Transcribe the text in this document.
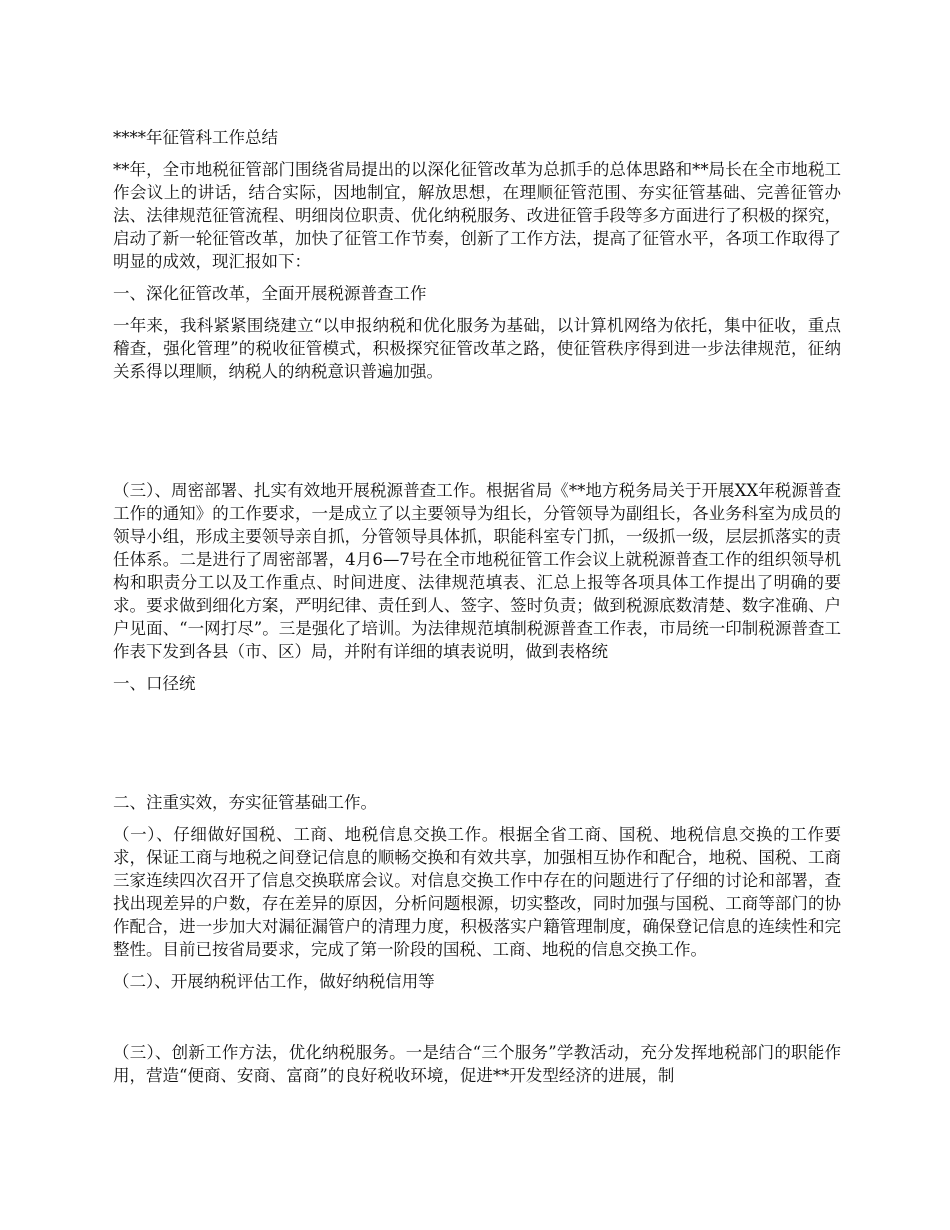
****年征管科工作总结

**年，全市地税征管部门围绕省局提出的以深化征管改革为总抓手的总体思路和**局长在全市地税工作会议上的讲话，结合实际，因地制宜，解放思想，在理顺征管范围、夯实征管基础、完善征管办法、法律规范征管流程、明细岗位职责、优化纳税服务、改进征管手段等多方面进行了积极的探究，启动了新一轮征管改革，加快了征管工作节奏，创新了工作方法，提高了征管水平，各项工作取得了明显的成效，现汇报如下：

一、深化征管改革，全面开展税源普查工作

一年来，我科紧紧围绕建立“以申报纳税和优化服务为基础，以计算机网络为依托，集中征收，重点稽查，强化管理”的税收征管模式，积极探究征管改革之路，使征管秩序得到进一步法律规范，征纳关系得以理顺，纳税人的纳税意识普遍加强。

（三）、周密部署、扎实有效地开展税源普查工作。根据省局《**地方税务局关于开展XX年税源普查工作的通知》的工作要求，一是成立了以主要领导为组长，分管领导为副组长，各业务科室为成员的领导小组，形成主要领导亲自抓，分管领导具体抓，职能科室专门抓，一级抓一级，层层抓落实的责任体系。二是进行了周密部署，4月6—7号在全市地税征管工作会议上就税源普查工作的组织领导机构和职责分工以及工作重点、时间进度、法律规范填表、汇总上报等各项具体工作提出了明确的要求。要求做到细化方案，严明纪律、责任到人、签字、签时负责；做到税源底数清楚、数字准确、户户见面、“一网打尽”。三是强化了培训。为法律规范填制税源普查工作表，市局统一印制税源普查工作表下发到各县（市、区）局，并附有详细的填表说明，做到表格统

一、口径统

二、注重实效，夯实征管基础工作。

（一）、仔细做好国税、工商、地税信息交换工作。根据全省工商、国税、地税信息交换的工作要求，保证工商与地税之间登记信息的顺畅交换和有效共享，加强相互协作和配合，地税、国税、工商三家连续四次召开了信息交换联席会议。对信息交换工作中存在的问题进行了仔细的讨论和部署，查找出现差异的户数，存在差异的原因，分析问题根源，切实整改，同时加强与国税、工商等部门的协作配合，进一步加大对漏征漏管户的清理力度，积极落实户籍管理制度，确保登记信息的连续性和完整性。目前已按省局要求，完成了第一阶段的国税、工商、地税的信息交换工作。

（二）、开展纳税评估工作，做好纳税信用等

（三）、创新工作方法，优化纳税服务。一是结合“三个服务”学教活动，充分发挥地税部门的职能作用，营造“便商、安商、富商”的良好税收环境，促进**开发型经济的进展，制
